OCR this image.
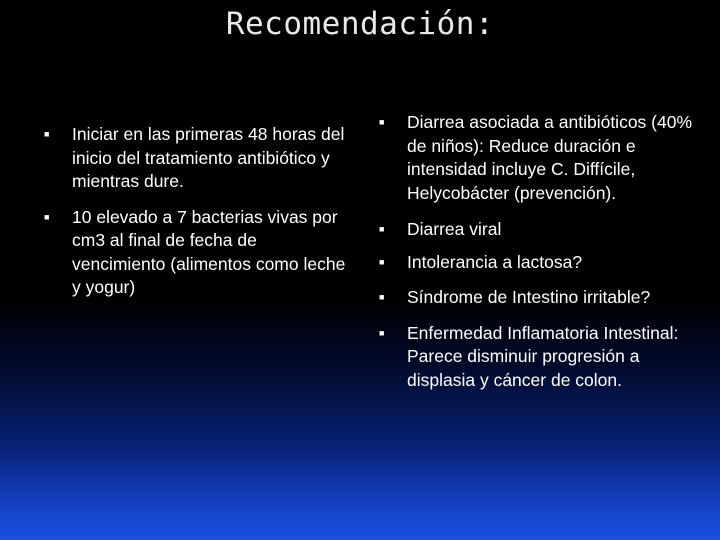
Recomendación:
■ Iniciar en las primeras 48 horas del inicio del tratamiento antibiótico y mientras dure.
■ 10 elevado a 7 bacterias vivas por cm3 al final de fecha de vencimiento (alimentos como leche y yogur)
■ Diarrea asociada a antibióticos (40% de niños): Reduce duración e intensidad incluye C. Diffícile, Helycobácter (prevención).
■ Diarrea viral
■ Intolerancia a lactosa?
■ Síndrome de Intestino irritable?
■ Enfermedad Inflamatoria Intestinal: Parece disminuir progresión a displasia y cáncer de colon.
